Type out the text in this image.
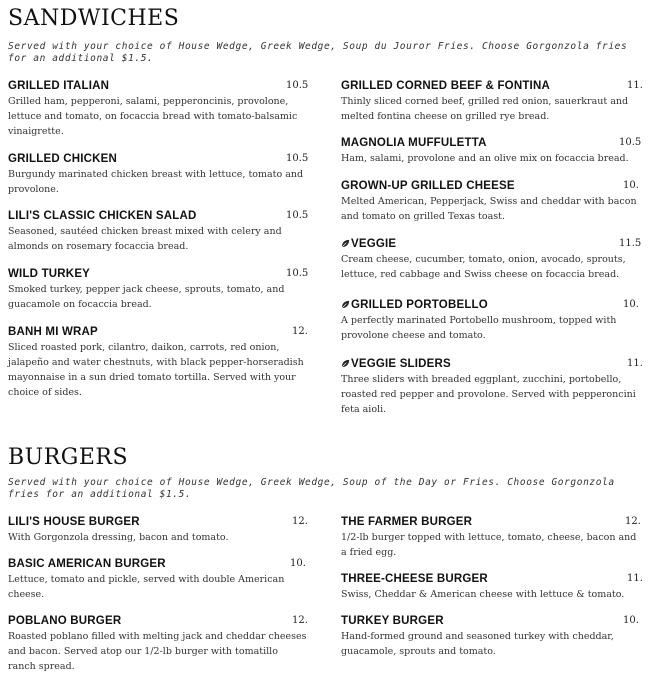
SANDWICHES
Served with your choice of House Wedge, Greek Wedge, Soup du Jouror Fries. Choose Gorgonzola fries for an additional $1.5.
GRILLED ITALIAN	10.5
Grilled ham, pepperoni, salami, pepperoncinis, provolone, lettuce and tomato, on focaccia bread with tomato-balsamic vinaigrette.
GRILLED CHICKEN	10.5
Burgundy marinated chicken breast with lettuce, tomato and provolone.
LILI'S CLASSIC CHICKEN SALAD	10.5
Seasoned, sautéed chicken breast mixed with celery and almonds on rosemary focaccia bread.
WILD TURKEY	10.5
Smoked turkey, pepper jack cheese, sprouts, tomato, and guacamole on focaccia bread.
BANH MI WRAP	12.
Sliced roasted pork, cilantro, daikon, carrots, red onion, jalapeño and water chestnuts, with black pepper-horseradish mayonnaise in a sun dried tomato tortilla. Served with your choice of sides.
GRILLED CORNED BEEF & FONTINA	11.
Thinly sliced corned beef, grilled red onion, sauerkraut and melted fontina cheese on grilled rye bread.
MAGNOLIA MUFFULETTA	10.5
Ham, salami, provolone and an olive mix on focaccia bread.
GROWN-UP GRILLED CHEESE	10.
Melted American, Pepperjack, Swiss and cheddar with bacon and tomato on grilled Texas toast.
VEGGIE	11.5
Cream cheese, cucumber, tomato, onion, avocado, sprouts, lettuce, red cabbage and Swiss cheese on focaccia bread.
GRILLED PORTOBELLO	10.
A perfectly marinated Portobello mushroom, topped with provolone cheese and tomato.
VEGGIE SLIDERS	11.
Three sliders with breaded eggplant, zucchini, portobello, roasted red pepper and provolone. Served with pepperoncini feta aioli.
BURGERS
Served with your choice of House Wedge, Greek Wedge, Soup of the Day or Fries. Choose Gorgonzola fries for an additional $1.5.
LILI'S HOUSE BURGER	12.
With Gorgonzola dressing, bacon and tomato.
BASIC AMERICAN BURGER	10.
Lettuce, tomato and pickle, served with double American cheese.
POBLANO BURGER	12.
Roasted poblano filled with melting jack and cheddar cheeses and bacon. Served atop our 1/2-lb burger with tomatillo ranch spread.
THE FARMER BURGER	12.
1/2-lb burger topped with lettuce, tomato, cheese, bacon and a fried egg.
THREE-CHEESE BURGER	11.
Swiss, Cheddar & American cheese with lettuce & tomato.
TURKEY BURGER	10.
Hand-formed ground and seasoned turkey with cheddar, guacamole, sprouts and tomato.
